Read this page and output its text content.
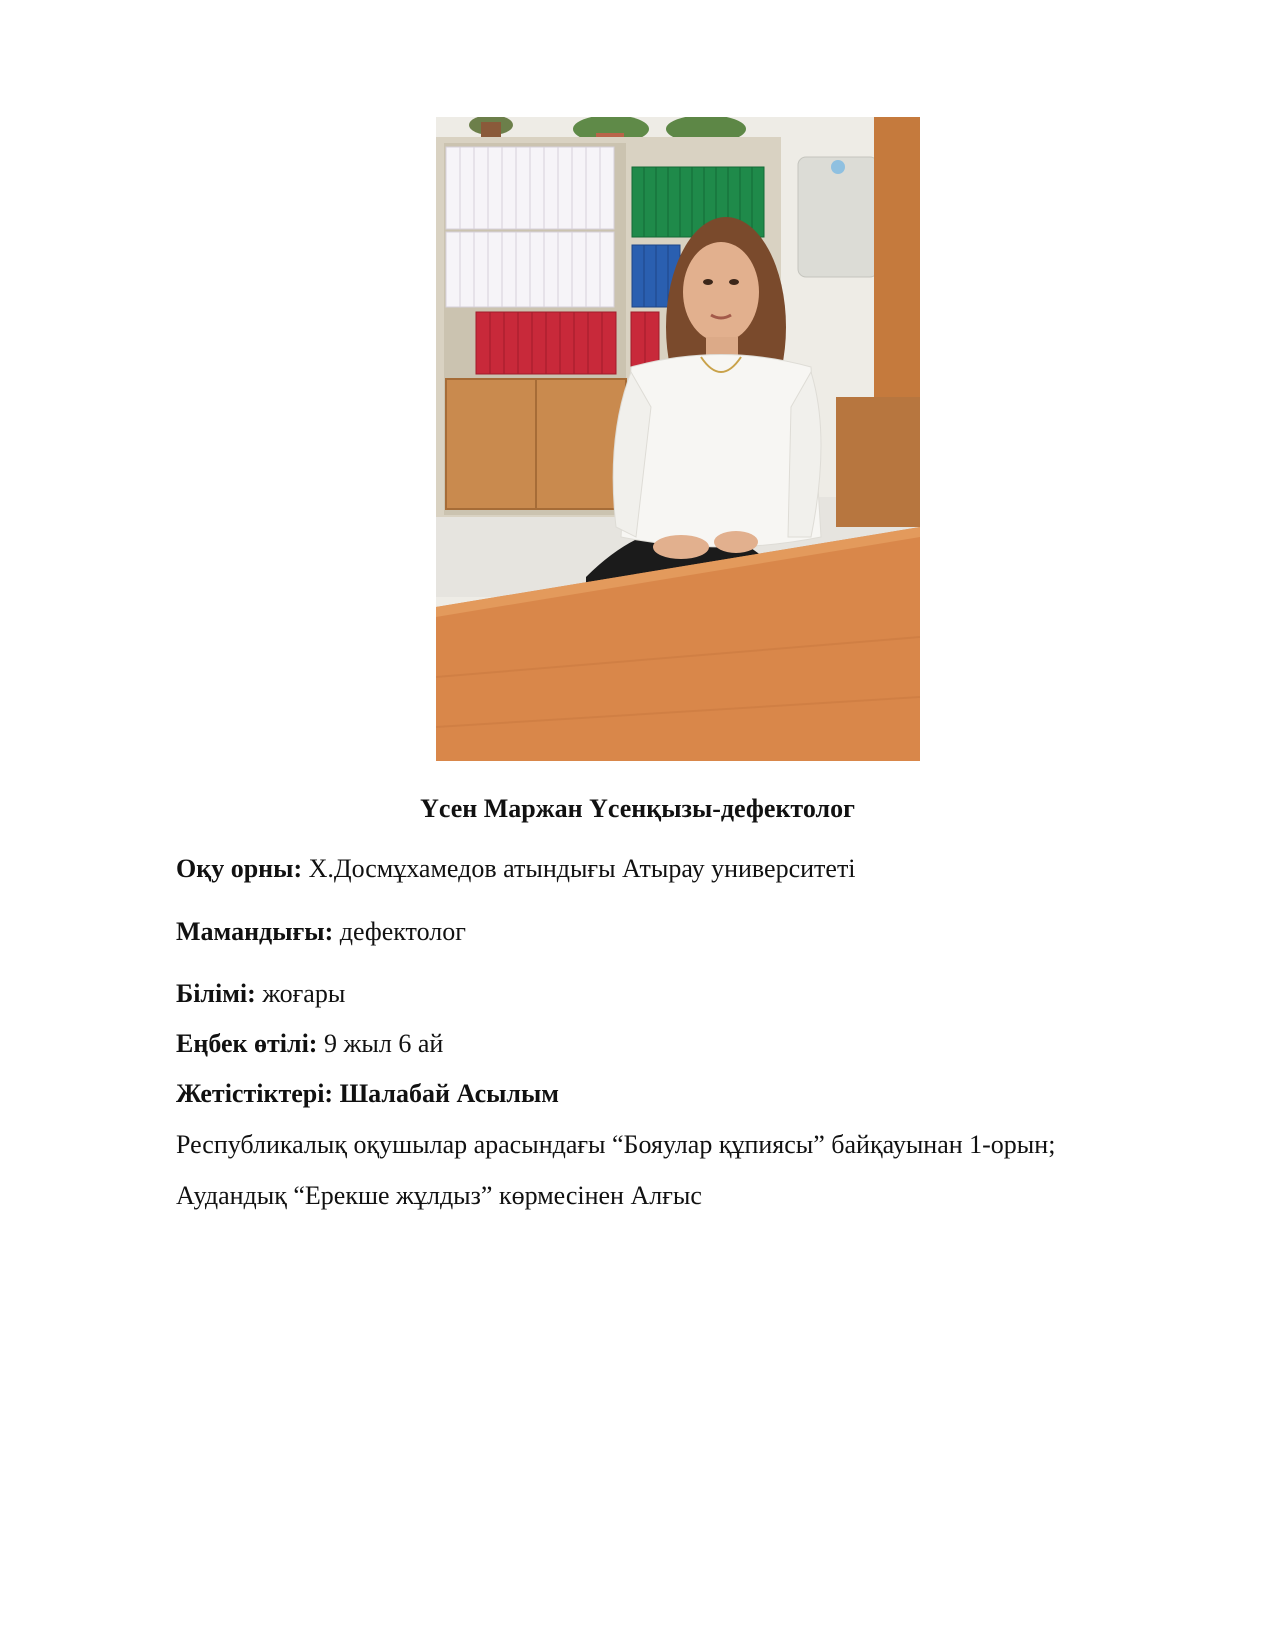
Үсен Маржан Үсенқызы-дефектолог
Оқу орны: Х.Досмұхамедов атындығы Атырау университеті
Мамандығы: дефектолог
Білімі: жоғары
Еңбек өтілі: 9 жыл 6 ай
Жетістіктері: Шалабай Асылым
Республикалық оқушылар арасындағы “Бояулар құпиясы” байқауынан 1-орын;
Аудандық “Ерекше жұлдыз” көрмесінен Алғыс
